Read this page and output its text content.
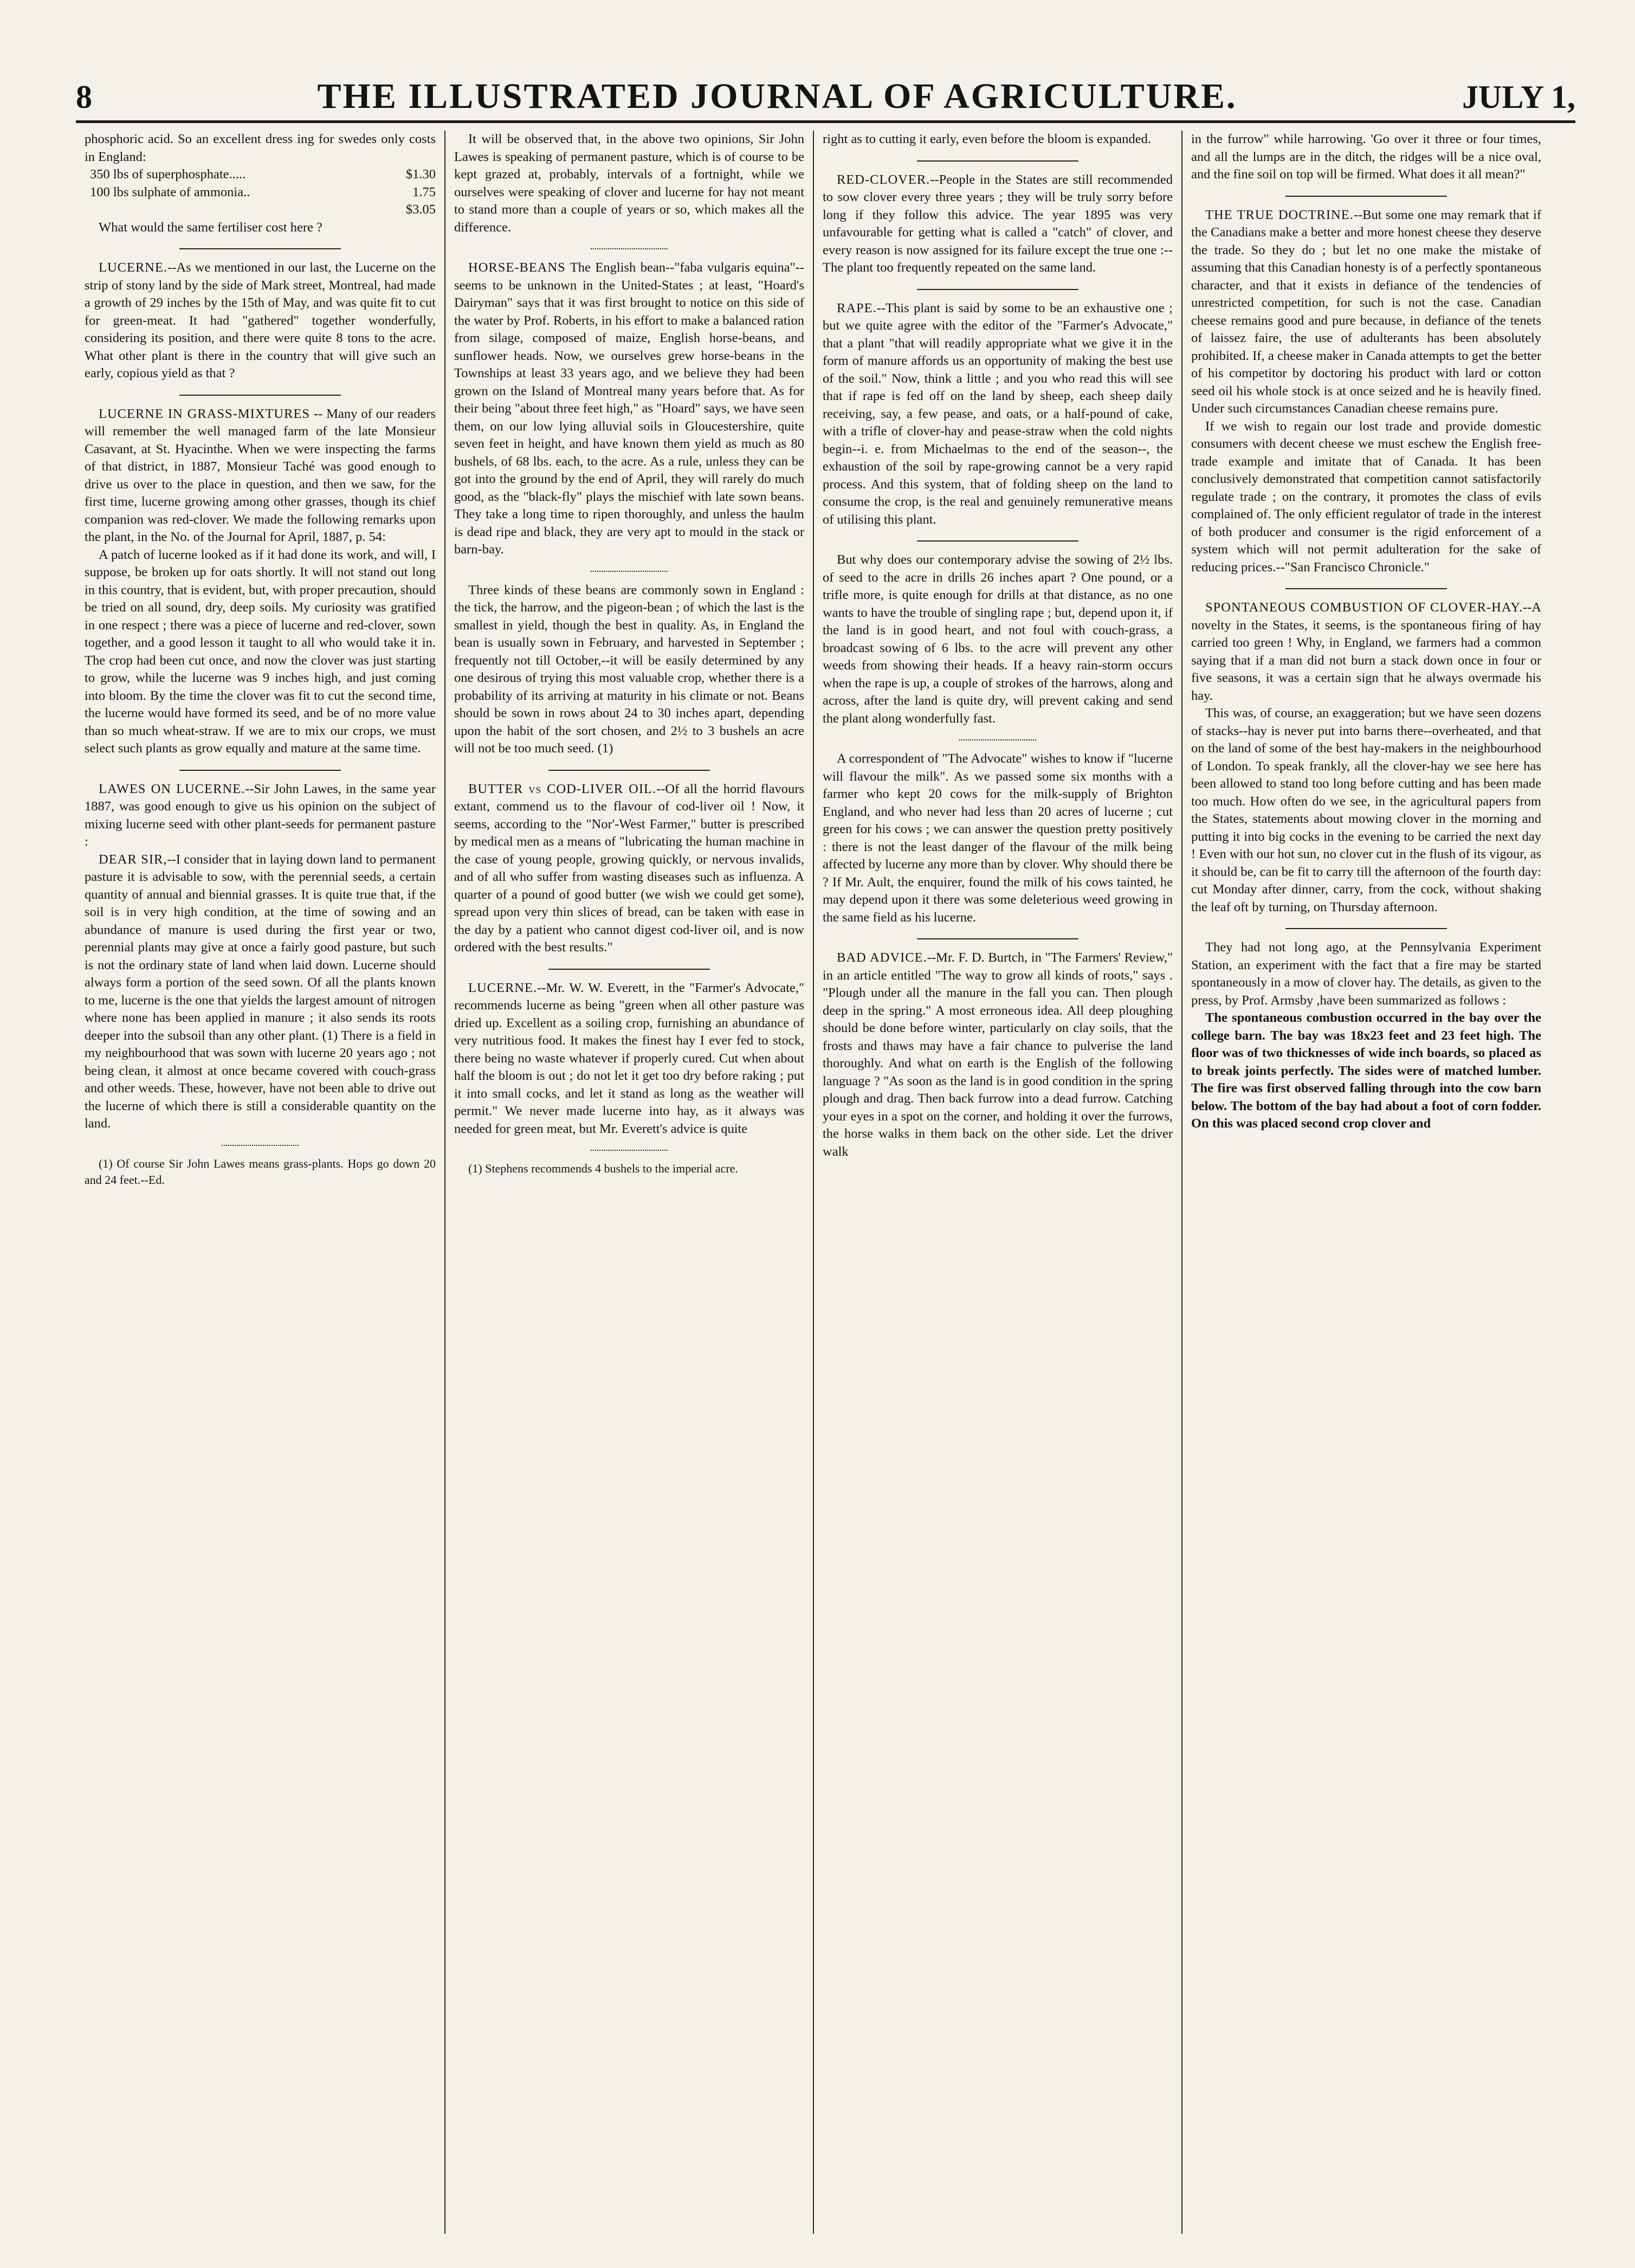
8	THE ILLUSTRATED JOURNAL OF AGRICULTURE.	JULY 1,

phosphoric acid. So an excellent dress ing for swedes only costs in England:

350 lbs of superphosphate.....	$1.30
100 lbs sulphate of ammonia..	1.75
$3.05

What would the same fertiliser cost here ?

LUCERNE.--As we mentioned in our last, the Lucerne on the strip of stony land by the side of Mark street, Montreal, had made a growth of 29 inches by the 15th of May, and was quite fit to cut for green-meat. It had "gathered" together wonderfully, considering its position, and there were quite 8 tons to the acre. What other plant is there in the country that will give such an early, copious yield as that ?

LUCERNE IN GRASS-MIXTURES -- Many of our readers will remember the well managed farm of the late Monsieur Casavant, at St. Hyacinthe. When we were inspecting the farms of that district, in 1887, Monsieur Taché was good enough to drive us over to the place in question, and then we saw, for the first time, lucerne growing among other grasses, though its chief companion was red-clover. We made the following remarks upon the plant, in the No. of the Journal for April, 1887, p. 54:

A patch of lucerne looked as if it had done its work, and will, I suppose, be broken up for oats shortly. It will not stand out long in this country, that is evident, but, with proper precaution, should be tried on all sound, dry, deep soils. My curiosity was gratified in one respect ; there was a piece of lucerne and red-clover, sown together, and a good lesson it taught to all who would take it in. The crop had been cut once, and now the clover was just starting to grow, while the lucerne was 9 inches high, and just coming into bloom. By the time the clover was fit to cut the second time, the lucerne would have formed its seed, and be of no more value than so much wheat-straw. If we are to mix our crops, we must select such plants as grow equally and mature at the same time.

LAWES ON LUCERNE.--Sir John Lawes, in the same year 1887, was good enough to give us his opinion on the subject of mixing lucerne seed with other plant-seeds for permanent pasture :

DEAR SIR,--I consider that in laying down land to permanent pasture it is advisable to sow, with the perennial seeds, a certain quantity of annual and biennial grasses. It is quite true that, if the soil is in very high condition, at the time of sowing and an abundance of manure is used during the first year or two, perennial plants may give at once a fairly good pasture, but such is not the ordinary state of land when laid down. Lucerne should always form a portion of the seed sown. Of all the plants known to me, lucerne is the one that yields the largest amount of nitrogen where none has been applied in manure ; it also sends its roots deeper into the subsoil than any other plant. (1) There is a field in my neighbourhood that was sown with lucerne 20 years ago ; not being clean, it almost at once became covered with couch-grass and other weeds. These, however, have not been able to drive out the lucerne of which there is still a considerable quantity on the land.

(1) Of course Sir John Lawes means grass-plants. Hops go down 20 and 24 feet.--Ed.

It will be observed that, in the above two opinions, Sir John Lawes is speaking of permanent pasture, which is of course to be kept grazed at, probably, intervals of a fortnight, while we ourselves were speaking of clover and lucerne for hay not meant to stand more than a couple of years or so, which makes all the difference.

HORSE-BEANS The English bean--"faba vulgaris equina"--seems to be unknown in the United-States ; at least, "Hoard's Dairyman" says that it was first brought to notice on this side of the water by Prof. Roberts, in his effort to make a balanced ration from silage, composed of maize, English horse-beans, and sunflower heads. Now, we ourselves grew horse-beans in the Townships at least 33 years ago, and we believe they had been grown on the Island of Montreal many years before that. As for their being "about three feet high," as "Hoard" says, we have seen them, on our low lying alluvial soils in Gloucestershire, quite seven feet in height, and have known them yield as much as 80 bushels, of 68 lbs. each, to the acre. As a rule, unless they can be got into the ground by the end of April, they will rarely do much good, as the "black-fly" plays the mischief with late sown beans. They take a long time to ripen thoroughly, and unless the haulm is dead ripe and black, they are very apt to mould in the stack or barn-bay.

Three kinds of these beans are commonly sown in England : the tick, the harrow, and the pigeon-bean ; of which the last is the smallest in yield, though the best in quality. As, in England the bean is usually sown in February, and harvested in September ; frequently not till October,--it will be easily determined by any one desirous of trying this most valuable crop, whether there is a probability of its arriving at maturity in his climate or not. Beans should be sown in rows about 24 to 30 inches apart, depending upon the habit of the sort chosen, and 2½ to 3 bushels an acre will not be too much seed. (1)

BUTTER vs COD-LIVER OIL.--Of all the horrid flavours extant, commend us to the flavour of cod-liver oil ! Now, it seems, according to the "Nor'-West Farmer," butter is prescribed by medical men as a means of "lubricating the human machine in the case of young people, growing quickly, or nervous invalids, and of all who suffer from wasting diseases such as influenza. A quarter of a pound of good butter (we wish we could get some), spread upon very thin slices of bread, can be taken with ease in the day by a patient who cannot digest cod-liver oil, and is now ordered with the best results."

LUCERNE.--Mr. W. W. Everett, in the "Farmer's Advocate," recommends lucerne as being "green when all other pasture was dried up. Excellent as a soiling crop, furnishing an abundance of very nutritious food. It makes the finest hay I ever fed to stock, there being no waste whatever if properly cured. Cut when about half the bloom is out ; do not let it get too dry before raking ; put it into small cocks, and let it stand as long as the weather will permit." We never made lucerne into hay, as it always was needed for green meat, but Mr. Everett's advice is quite

(1) Stephens recommends 4 bushels to the imperial acre.

right as to cutting it early, even before the bloom is expanded.

RED-CLOVER.--People in the States are still recommended to sow clover every three years ; they will be truly sorry before long if they follow this advice. The year 1895 was very unfavourable for getting what is called a "catch" of clover, and every reason is now assigned for its failure except the true one :--The plant too frequently repeated on the same land.

RAPE.--This plant is said by some to be an exhaustive one ; but we quite agree with the editor of the "Farmer's Advocate," that a plant "that will readily appropriate what we give it in the form of manure affords us an opportunity of making the best use of the soil." Now, think a little ; and you who read this will see that if rape is fed off on the land by sheep, each sheep daily receiving, say, a few pease, and oats, or a half-pound of cake, with a trifle of clover-hay and pease-straw when the cold nights begin--i. e. from Michaelmas to the end of the season--, the exhaustion of the soil by rape-growing cannot be a very rapid process. And this system, that of folding sheep on the land to consume the crop, is the real and genuinely remunerative means of utilising this plant.

But why does our contemporary advise the sowing of 2½ lbs. of seed to the acre in drills 26 inches apart ? One pound, or a trifle more, is quite enough for drills at that distance, as no one wants to have the trouble of singling rape ; but, depend upon it, if the land is in good heart, and not foul with couch-grass, a broadcast sowing of 6 lbs. to the acre will prevent any other weeds from showing their heads. If a heavy rain-storm occurs when the rape is up, a couple of strokes of the harrows, along and across, after the land is quite dry, will prevent caking and send the plant along wonderfully fast.

A correspondent of "The Advocate" wishes to know if "lucerne will flavour the milk". As we passed some six months with a farmer who kept 20 cows for the milk-supply of Brighton England, and who never had less than 20 acres of lucerne ; cut green for his cows ; we can answer the question pretty positively : there is not the least danger of the flavour of the milk being affected by lucerne any more than by clover. Why should there be ? If Mr. Ault, the enquirer, found the milk of his cows tainted, he may depend upon it there was some deleterious weed growing in the same field as his lucerne.

BAD ADVICE.--Mr. F. D. Burtch, in "The Farmers' Review," in an article entitled "The way to grow all kinds of roots," says . "Plough under all the manure in the fall you can. Then plough deep in the spring." A most erroneous idea. All deep ploughing should be done before winter, particularly on clay soils, that the frosts and thaws may have a fair chance to pulverise the land thoroughly. And what on earth is the English of the following language ? "As soon as the land is in good condition in the spring plough and drag. Then back furrow into a dead furrow. Catching your eyes in a spot on the corner, and holding it over the furrows, the horse walks in them back on the other side. Let the driver walk

in the furrow" while harrowing. 'Go over it three or four times, and all the lumps are in the ditch, the ridges will be a nice oval, and the fine soil on top will be firmed. What does it all mean?"

THE TRUE DOCTRINE.--But some one may remark that if the Canadians make a better and more honest cheese they deserve the trade. So they do ; but let no one make the mistake of assuming that this Canadian honesty is of a perfectly spontaneous character, and that it exists in defiance of the tendencies of unrestricted competition, for such is not the case. Canadian cheese remains good and pure because, in defiance of the tenets of laissez faire, the use of adulterants has been absolutely prohibited. If, a cheese maker in Canada attempts to get the better of his competitor by doctoring his product with lard or cotton seed oil his whole stock is at once seized and he is heavily fined. Under such circumstances Canadian cheese remains pure.

If we wish to regain our lost trade and provide domestic consumers with decent cheese we must eschew the English free-trade example and imitate that of Canada. It has been conclusively demonstrated that competition cannot satisfactorily regulate trade ; on the contrary, it promotes the class of evils complained of. The only efficient regulator of trade in the interest of both producer and consumer is the rigid enforcement of a system which will not permit adulteration for the sake of reducing prices.--"San Francisco Chronicle."

SPONTANEOUS COMBUSTION OF CLOVER-HAY.--A novelty in the States, it seems, is the spontaneous firing of hay carried too green ! Why, in England, we farmers had a common saying that if a man did not burn a stack down once in four or five seasons, it was a certain sign that he always overmade his hay.

This was, of course, an exaggeration; but we have seen dozens of stacks--hay is never put into barns there--overheated, and that on the land of some of the best hay-makers in the neighbourhood of London. To speak frankly, all the clover-hay we see here has been allowed to stand too long before cutting and has been made too much. How often do we see, in the agricultural papers from the States, statements about mowing clover in the morning and putting it into big cocks in the evening to be carried the next day ! Even with our hot sun, no clover cut in the flush of its vigour, as it should be, can be fit to carry till the afternoon of the fourth day: cut Monday after dinner, carry, from the cock, without shaking the leaf oft by turning, on Thursday afternoon.

They had not long ago, at the Pennsylvania Experiment Station, an experiment with the fact that a fire may be started spontaneously in a mow of clover hay. The details, as given to the press, by Prof. Armsby ,have been summarized as follows :

The spontaneous combustion occurred in the bay over the college barn. The bay was 18x23 feet and 23 feet high. The floor was of two thicknesses of wide inch boards, so placed as to break joints perfectly. The sides were of matched lumber. The fire was first observed falling through into the cow barn below. The bottom of the bay had about a foot of corn fodder. On this was placed second crop clover and
